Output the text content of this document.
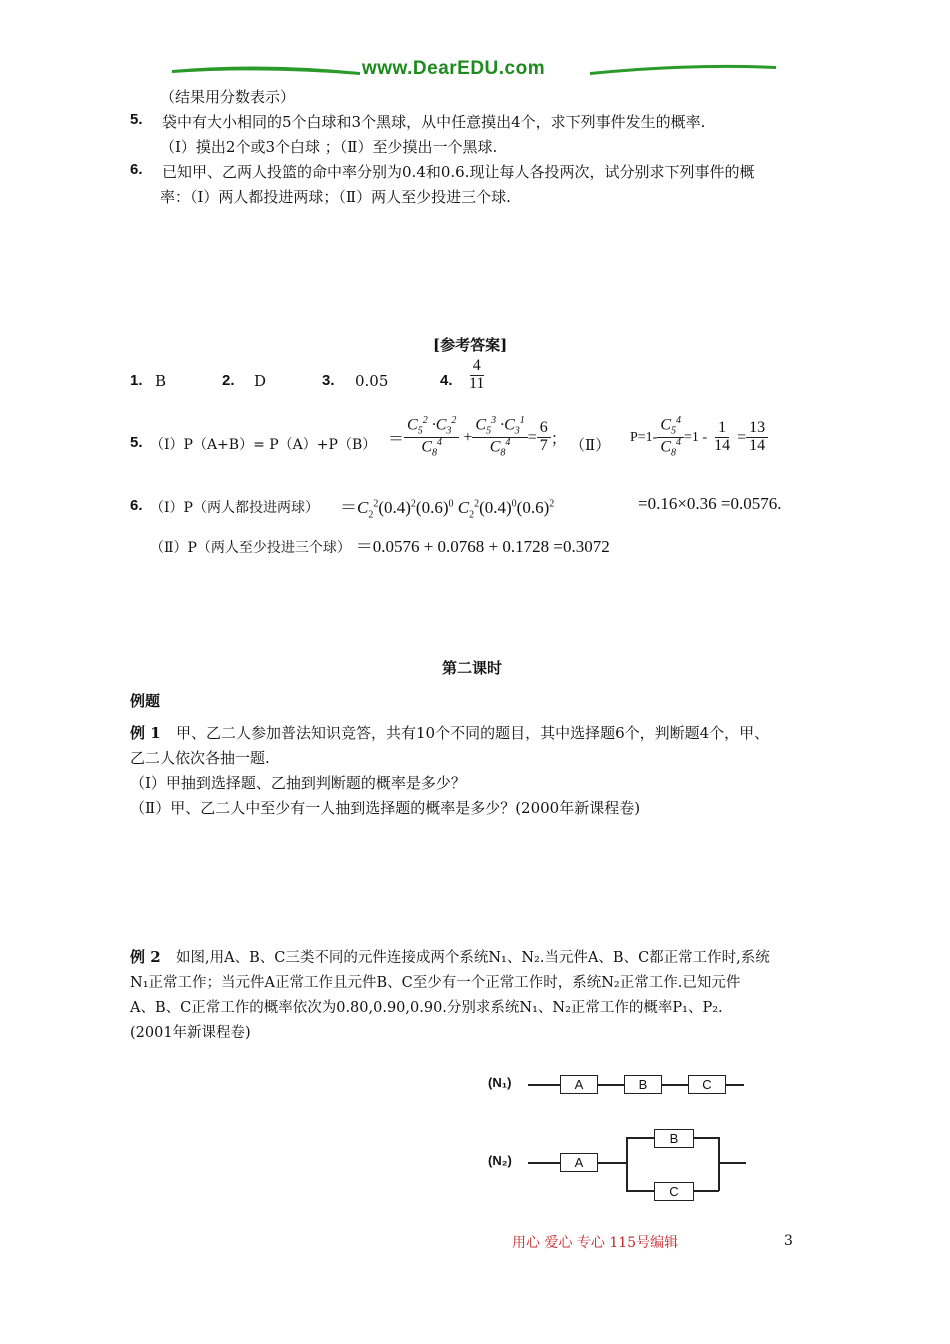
www.DearEDU.com
（结果用分数表示）
5. 袋中有大小相同的5个白球和3个黑球，从中任意摸出4个，求下列事件发生的概率.
（Ⅰ）摸出2个或3个白球 ；（Ⅱ）至少摸出一个黑球.
6. 已知甲、乙两人投篮的命中率分别为0.4和0.6.现让每人各投两次，试分别求下列事件的概
率：（Ⅰ）两人都投进两球；（Ⅱ）两人至少投进三个球.
[参考答案]
1. B	2. D	3. 0.05	4. $\frac{4}{11}$
5. （Ⅰ）P（A+B）= $P(A)+P(B) = \frac{C_5^2 \cdot C_3^2}{C_8^4} + \frac{C_5^3 \cdot C_3^1}{C_8^4} = \frac{6}{7}$ ； （Ⅱ） $P=1- \frac{C_5^4}{C_8^4} =1$ -
$\frac{1}{14} = \frac{13}{14}$
6. （Ⅰ）P（两人都投进两球） $=C_2^2(0.4)^2(0.6)^0$ $C_2^2(0.4)^0(0.6)^2$	=0.16×0.36 =0.0576.
（Ⅱ）P（两人至少投进三个球） ＝0.0576 + 0.0768 + 0.1728 =0.3072
第二课时
例题
例 1 甲、乙二人参加普法知识竞答，共有10个不同的题目，其中选择题6个，判断题4个，甲、
乙二人依次各抽一题.
（Ⅰ）甲抽到选择题、乙抽到判断题的概率是多少？
（Ⅱ）甲、乙二人中至少有一人抽到选择题的概率是多少？(2000年新课程卷)
例 2 如图,用A、B、C三类不同的元件连接成两个系统N₁、N₂.当元件A、B、C都正常工作时,系统
N₁正常工作；当元件A正常工作且元件B、C至少有一个正常工作时，系统N₂正常工作.已知元件
A、B、C正常工作的概率依次为0.80,0.90,0.90.分别求系统N₁、N₂正常工作的概率P₁、P₂.
(2001年新课程卷)
(N₁)	A	B	C
(N₂)	A
B
C
用心 爱心 专心 115号编辑	3
